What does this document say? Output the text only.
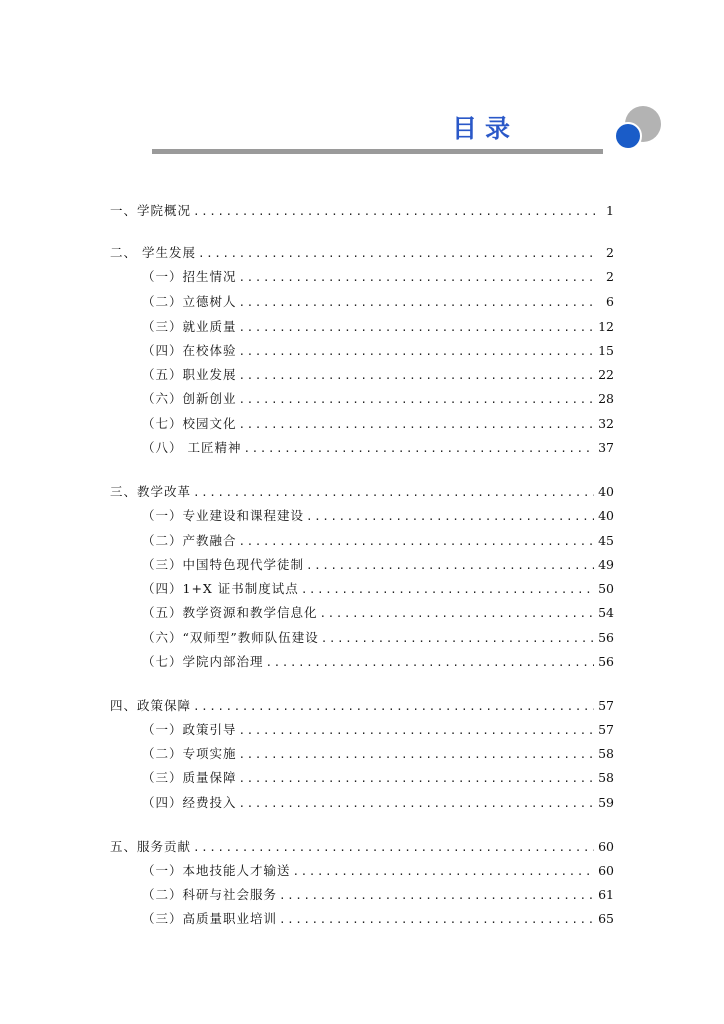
目录
一、学院概况 .....	1
二、 学生发展 .....	2
（一）招生情况 .....	2
（二）立德树人 .....	6
（三）就业质量 .....	12
（四）在校体验 .....	15
（五）职业发展 .....	22
（六）创新创业 .....	28
（七）校园文化 .....	32
（八） 工匠精神 .....	37
三、教学改革 .....	40
（一）专业建设和课程建设 .....	40
（二）产教融合 .....	45
（三）中国特色现代学徒制 .....	49
（四）1+X 证书制度试点 .....	50
（五）教学资源和教学信息化 .....	54
（六）“双师型”教师队伍建设 .....	56
（七）学院内部治理 .....	56
四、政策保障 .....	57
（一）政策引导 .....	57
（二）专项实施 .....	58
（三）质量保障 .....	58
（四）经费投入 .....	59
五、服务贡献 .....	60
（一）本地技能人才输送 .....	60
（二）科研与社会服务 .....	61
（三）高质量职业培训 .....	65
